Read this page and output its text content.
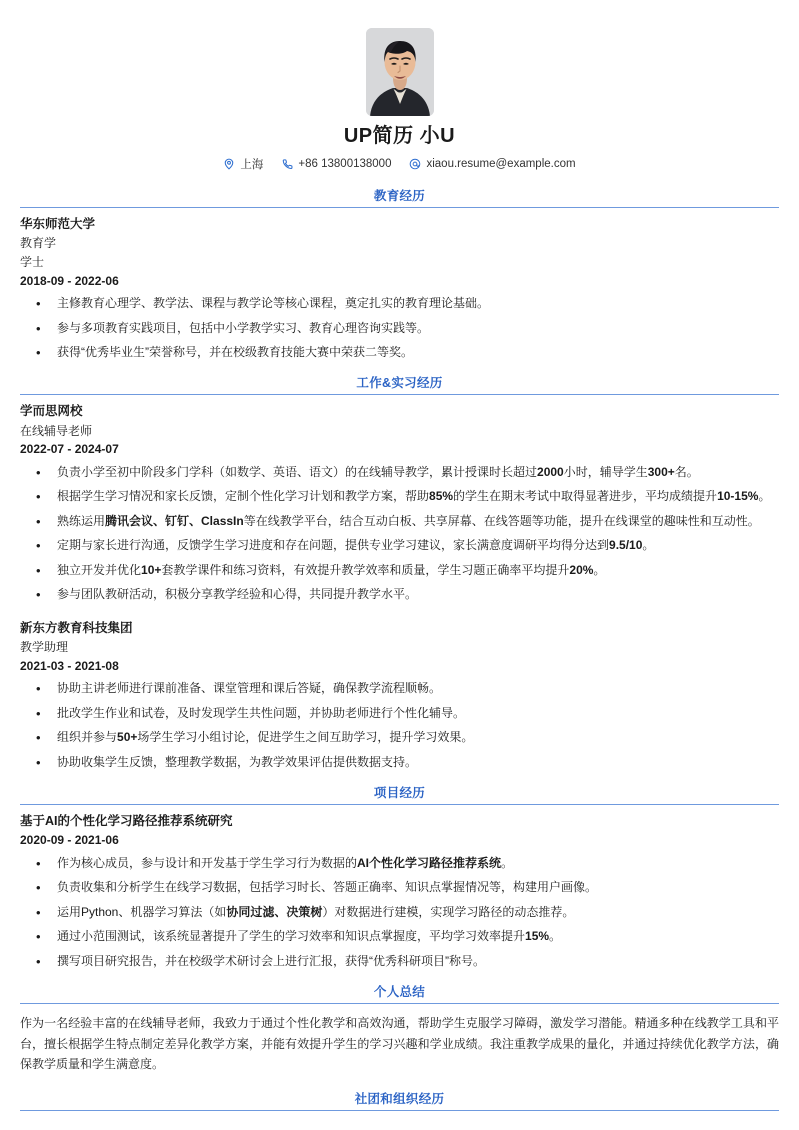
UP简历 小U
上海	+86 13800138000	xiaou.resume@example.com
教育经历
华东师范大学
教育学
学士
2018-09 - 2022-06
• 主修教育心理学、教学法、课程与教学论等核心课程，奠定扎实的教育理论基础。
• 参与多项教育实践项目，包括中小学教学实习、教育心理咨询实践等。
• 获得“优秀毕业生”荣誉称号，并在校级教育技能大赛中荣获二等奖。
工作&实习经历
学而思网校
在线辅导老师
2022-07 - 2024-07
• 负责小学至初中阶段多门学科（如数学、英语、语文）的在线辅导教学，累计授课时长超过2000小时，辅导学生300+名。
• 根据学生学习情况和家长反馈，定制个性化学习计划和教学方案，帮助85%的学生在期末考试中取得显著进步，平均成绩提升10-15%。
• 熟练运用腾讯会议、钉钉、ClassIn等在线教学平台，结合互动白板、共享屏幕、在线答题等功能，提升在线课堂的趣味性和互动性。
• 定期与家长进行沟通，反馈学生学习进度和存在问题，提供专业学习建议，家长满意度调研平均得分达到9.5/10。
• 独立开发并优化10+套教学课件和练习资料，有效提升教学效率和质量，学生习题正确率平均提升20%。
• 参与团队教研活动，积极分享教学经验和心得，共同提升教学水平。
新东方教育科技集团
教学助理
2021-03 - 2021-08
• 协助主讲老师进行课前准备、课堂管理和课后答疑，确保教学流程顺畅。
• 批改学生作业和试卷，及时发现学生共性问题，并协助老师进行个性化辅导。
• 组织并参与50+场学生学习小组讨论，促进学生之间互助学习，提升学习效果。
• 协助收集学生反馈，整理教学数据，为教学效果评估提供数据支持。
项目经历
基于AI的个性化学习路径推荐系统研究
2020-09 - 2021-06
• 作为核心成员，参与设计和开发基于学生学习行为数据的AI个性化学习路径推荐系统。
• 负责收集和分析学生在线学习数据，包括学习时长、答题正确率、知识点掌握情况等，构建用户画像。
• 运用Python、机器学习算法（如协同过滤、决策树）对数据进行建模，实现学习路径的动态推荐。
• 通过小范围测试，该系统显著提升了学生的学习效率和知识点掌握度，平均学习效率提升15%。
• 撰写项目研究报告，并在校级学术研讨会上进行汇报，获得“优秀科研项目”称号。
个人总结

作为一名经验丰富的在线辅导老师，我致力于通过个性化教学和高效沟通，帮助学生克服学习障碍，激发学习潜能。精通多种在线教学工具和平台，擅长根据学生特点制定差异化教学方案，并能有效提升学生的学习兴趣和学业成绩。我注重教学成果的量化，并通过持续优化教学方法，确保教学质量和学生满意度。

社团和组织经历
